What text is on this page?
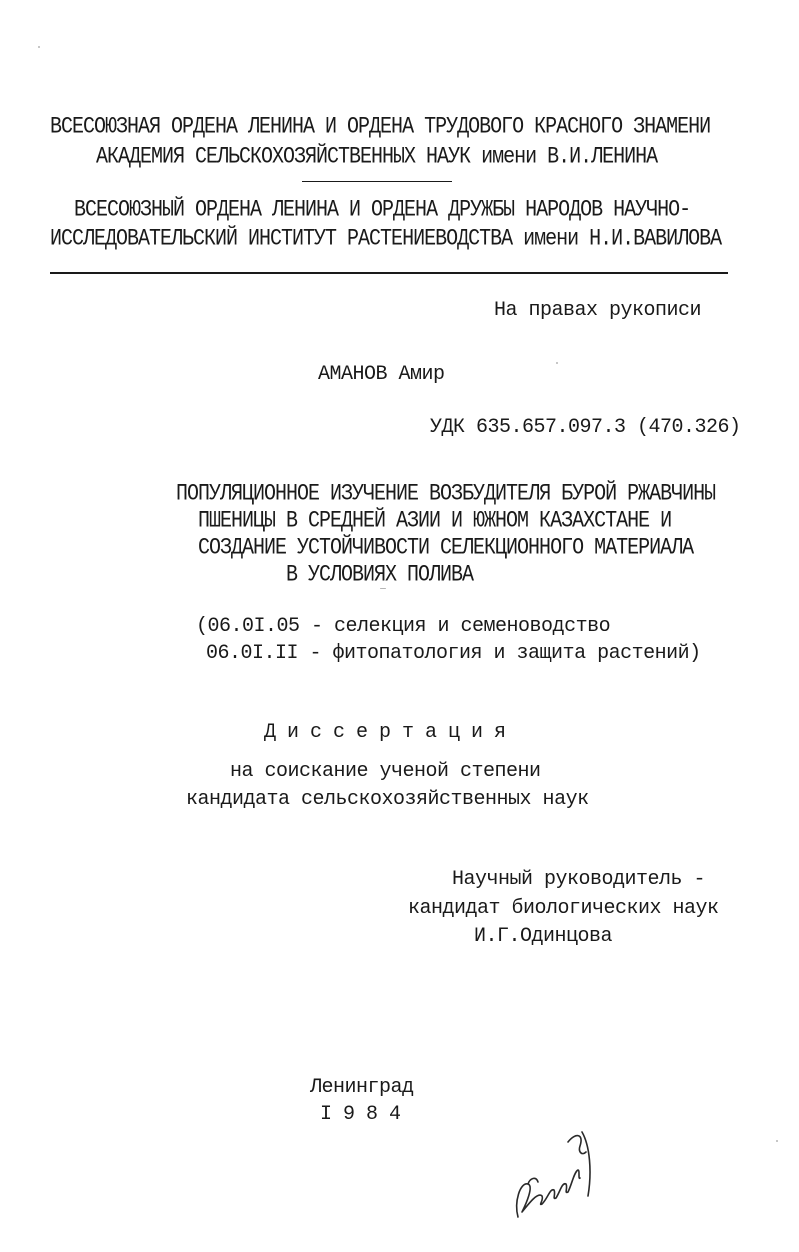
ВСЕСОЮЗНАЯ ОРДЕНА ЛЕНИНА И ОРДЕНА ТРУДОВОГО КРАСНОГО ЗНАМЕНИ
АКАДЕМИЯ СЕЛЬСКОХОЗЯЙСТВЕННЫХ НАУК имени В.И.ЛЕНИНА
ВСЕСОЮЗНЫЙ ОРДЕНА ЛЕНИНА И ОРДЕНА ДРУЖБЫ НАРОДОВ НАУЧНО-
ИССЛЕДОВАТЕЛЬСКИЙ ИНСТИТУТ РАСТЕНИЕВОДСТВА имени Н.И.ВАВИЛОВА
На правах рукописи
АМАНОВ Амир
УДК 635.657.097.3 (470.326)
ПОПУЛЯЦИОННОЕ ИЗУЧЕНИЕ ВОЗБУДИТЕЛЯ БУРОЙ РЖАВЧИНЫ
ПШЕНИЦЫ В СРЕДНЕЙ АЗИИ И ЮЖНОМ КАЗАХСТАНЕ И
СОЗДАНИЕ УСТОЙЧИВОСТИ СЕЛЕКЦИОННОГО МАТЕРИАЛА
В УСЛОВИЯХ ПОЛИВА
(06.0I.05 - селекция и семеноводство
06.0I.II - фитопатология и защита растений)
Д и с с е р т а ц и я
на соискание ученой степени
кандидата сельскохозяйственных наук
Научный руководитель -
кандидат биологических наук
И.Г.Одинцова
Ленинград
I 9 8 4
